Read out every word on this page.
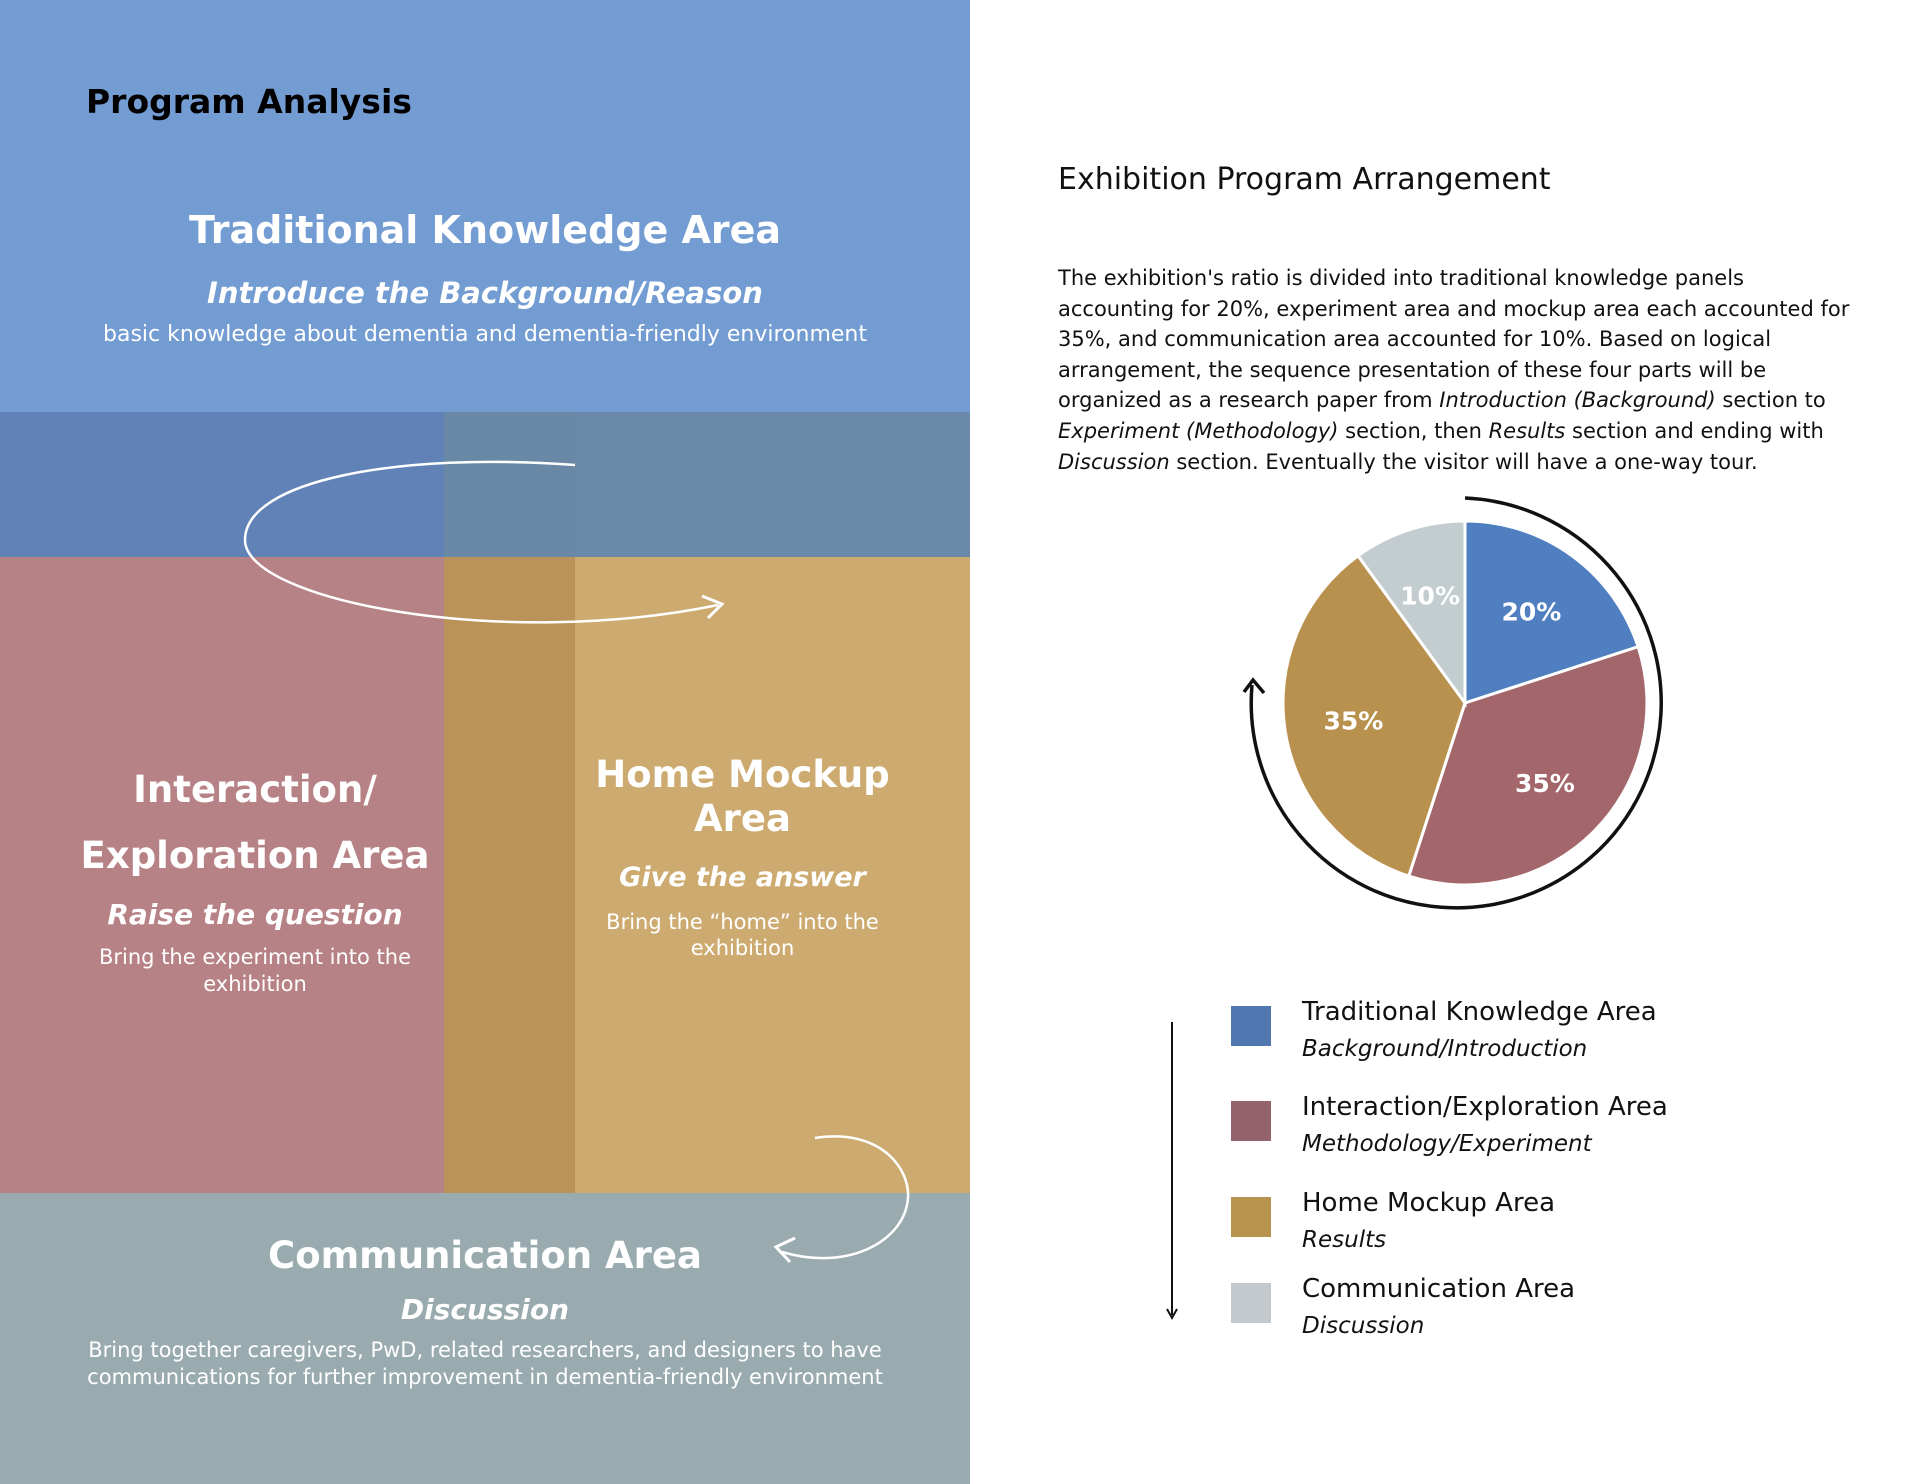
Program Analysis
Traditional Knowledge Area
Introduce the Background/Reason
basic knowledge about dementia and dementia-friendly environment
Interaction/
Exploration Area
Raise the question
Bring the experiment into the
exhibition
Home Mockup
Area
Give the answer
Bring the “home” into the
exhibition
Communication Area
Discussion
Bring together caregivers, PwD, related researchers, and designers to have
communications for further improvement in dementia-friendly environment
Exhibition Program Arrangement

The exhibition's ratio is divided into traditional knowledge panels accounting for 20%, experiment area and mockup area each accounted for 35%, and communication area accounted for 10%. Based on logical arrangement, the sequence presentation of these four parts will be organized as a research paper from Introduction (Background) section to Experiment (Methodology) section, then Results section and ending with Discussion section. Eventually the visitor will have a one-way tour.

20%
35%
35%
10%
Traditional Knowledge Area
Background/Introduction
Interaction/Exploration Area
Methodology/Experiment
Home Mockup Area
Results
Communication Area
Discussion
